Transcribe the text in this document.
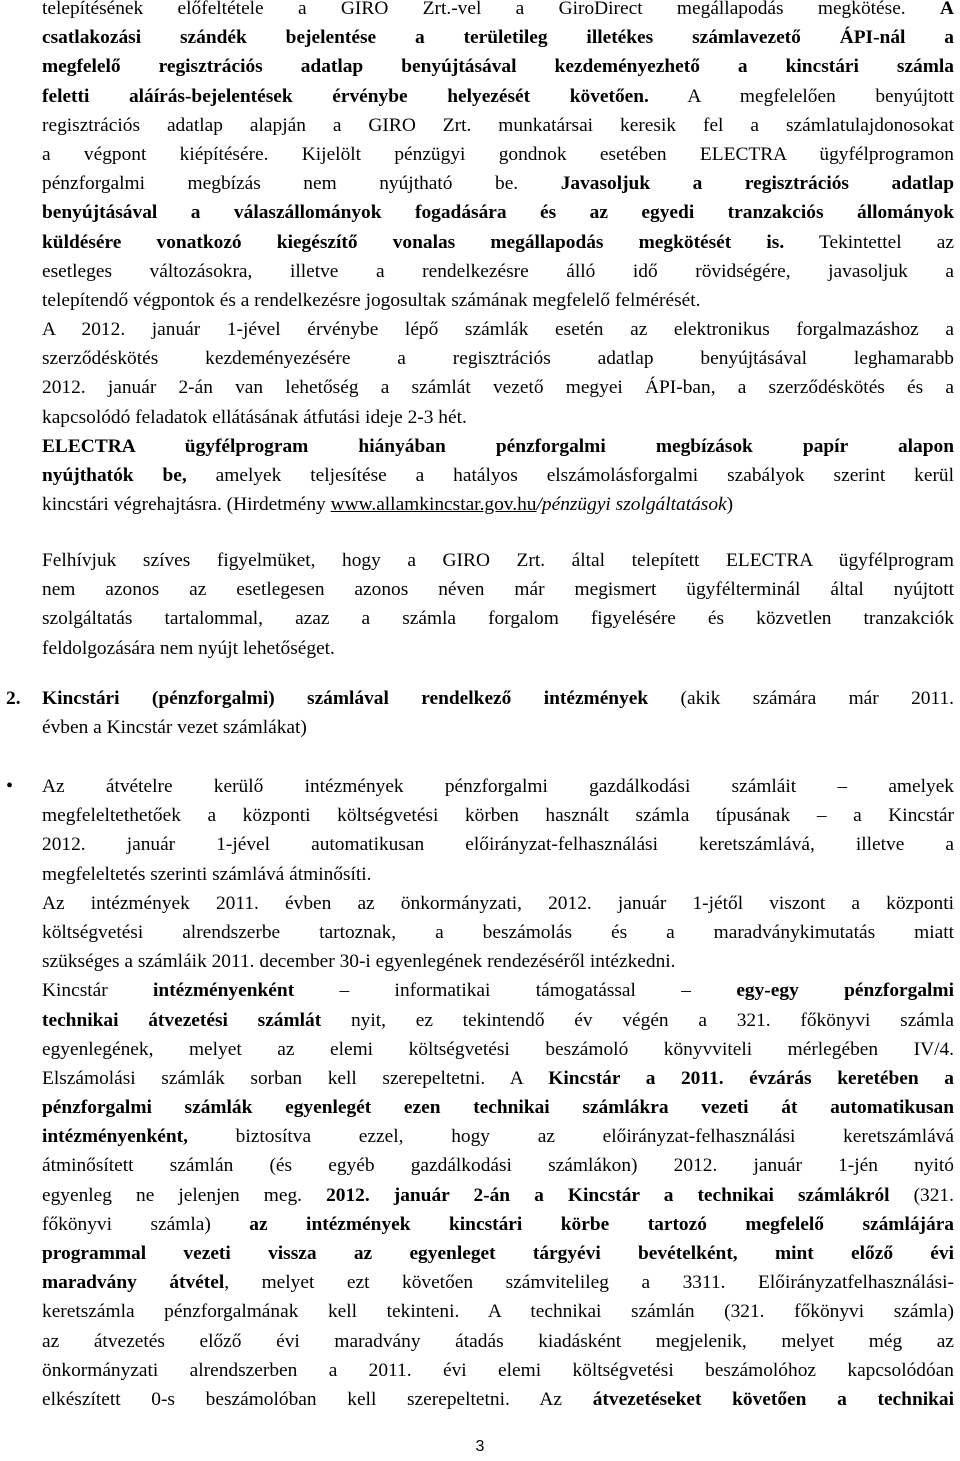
telepítésének előfeltétele a GIRO Zrt.-vel a GiroDirect megállapodás megkötése. A
csatlakozási szándék bejelentése a területileg illetékes számlavezető ÁPI-nál a
megfelelő regisztrációs adatlap benyújtásával kezdeményezhető a kincstári számla
feletti aláírás-bejelentések érvénybe helyezését követően. A megfelelően benyújtott
regisztrációs adatlap alapján a GIRO Zrt. munkatársai keresik fel a számlatulajdonosokat
a végpont kiépítésére. Kijelölt pénzügyi gondnok esetében ELECTRA ügyfélprogramon
pénzforgalmi megbízás nem nyújtható be. Javasoljuk a regisztrációs adatlap
benyújtásával a válaszállományok fogadására és az egyedi tranzakciós állományok
küldésére vonatkozó kiegészítő vonalas megállapodás megkötését is. Tekintettel az
esetleges változásokra, illetve a rendelkezésre álló idő rövidségére, javasoljuk a
telepítendő végpontok és a rendelkezésre jogosultak számának megfelelő felmérését.
A 2012. január 1-jével érvénybe lépő számlák esetén az elektronikus forgalmazáshoz a
szerződéskötés kezdeményezésére a regisztrációs adatlap benyújtásával leghamarabb
2012. január 2-án van lehetőség a számlát vezető megyei ÁPI-ban, a szerződéskötés és a
kapcsolódó feladatok ellátásának átfutási ideje 2-3 hét.
ELECTRA ügyfélprogram hiányában pénzforgalmi megbízások papír alapon
nyújthatók be, amelyek teljesítése a hatályos elszámolásforgalmi szabályok szerint kerül
kincstári végrehajtásra. (Hirdetmény www.allamkincstar.gov.hu/pénzügyi szolgáltatások)
Felhívjuk szíves figyelmüket, hogy a GIRO Zrt. által telepített ELECTRA ügyfélprogram
nem azonos az esetlegesen azonos néven már megismert ügyfélterminál által nyújtott
szolgáltatás tartalommal, azaz a számla forgalom figyelésére és közvetlen tranzakciók
feldolgozására nem nyújt lehetőséget.
2. Kincstári (pénzforgalmi) számlával rendelkező intézmények (akik számára már 2011.
évben a Kincstár vezet számlákat)
• Az átvételre kerülő intézmények pénzforgalmi gazdálkodási számláit – amelyek
megfeleltethetőek a központi költségvetési körben használt számla típusának – a Kincstár
2012. január 1-jével automatikusan előirányzat-felhasználási keretszámlává, illetve a
megfeleltetés szerinti számlává átminősíti.
Az intézmények 2011. évben az önkormányzati, 2012. január 1-jétől viszont a központi
költségvetési alrendszerbe tartoznak, a beszámolás és a maradványkimutatás miatt
szükséges a számláik 2011. december 30-i egyenlegének rendezéséről intézkedni.
Kincstár intézményenként – informatikai támogatással – egy-egy pénzforgalmi
technikai átvezetési számlát nyit, ez tekintendő év végén a 321. főkönyvi számla
egyenlegének, melyet az elemi költségvetési beszámoló könyvviteli mérlegében IV/4.
Elszámolási számlák sorban kell szerepeltetni. A Kincstár a 2011. évzárás keretében a
pénzforgalmi számlák egyenlegét ezen technikai számlákra vezeti át automatikusan
intézményenként, biztosítva ezzel, hogy az előirányzat-felhasználási keretszámlává
átminősített számlán (és egyéb gazdálkodási számlákon) 2012. január 1-jén nyitó
egyenleg ne jelenjen meg. 2012. január 2-án a Kincstár a technikai számlákról (321.
főkönyvi számla) az intézmények kincstári körbe tartozó megfelelő számlájára
programmal vezeti vissza az egyenleget tárgyévi bevételként, mint előző évi
maradvány átvétel, melyet ezt követően számvitelileg a 3311. Előirányzatfelhasználási-
keretszámla pénzforgalmának kell tekinteni. A technikai számlán (321. főkönyvi számla)
az átvezetés előző évi maradvány átadás kiadásként megjelenik, melyet még az
önkormányzati alrendszerben a 2011. évi elemi költségvetési beszámolóhoz kapcsolódóan
elkészített 0-s beszámolóban kell szerepeltetni. Az átvezetéseket követően a technikai
3
